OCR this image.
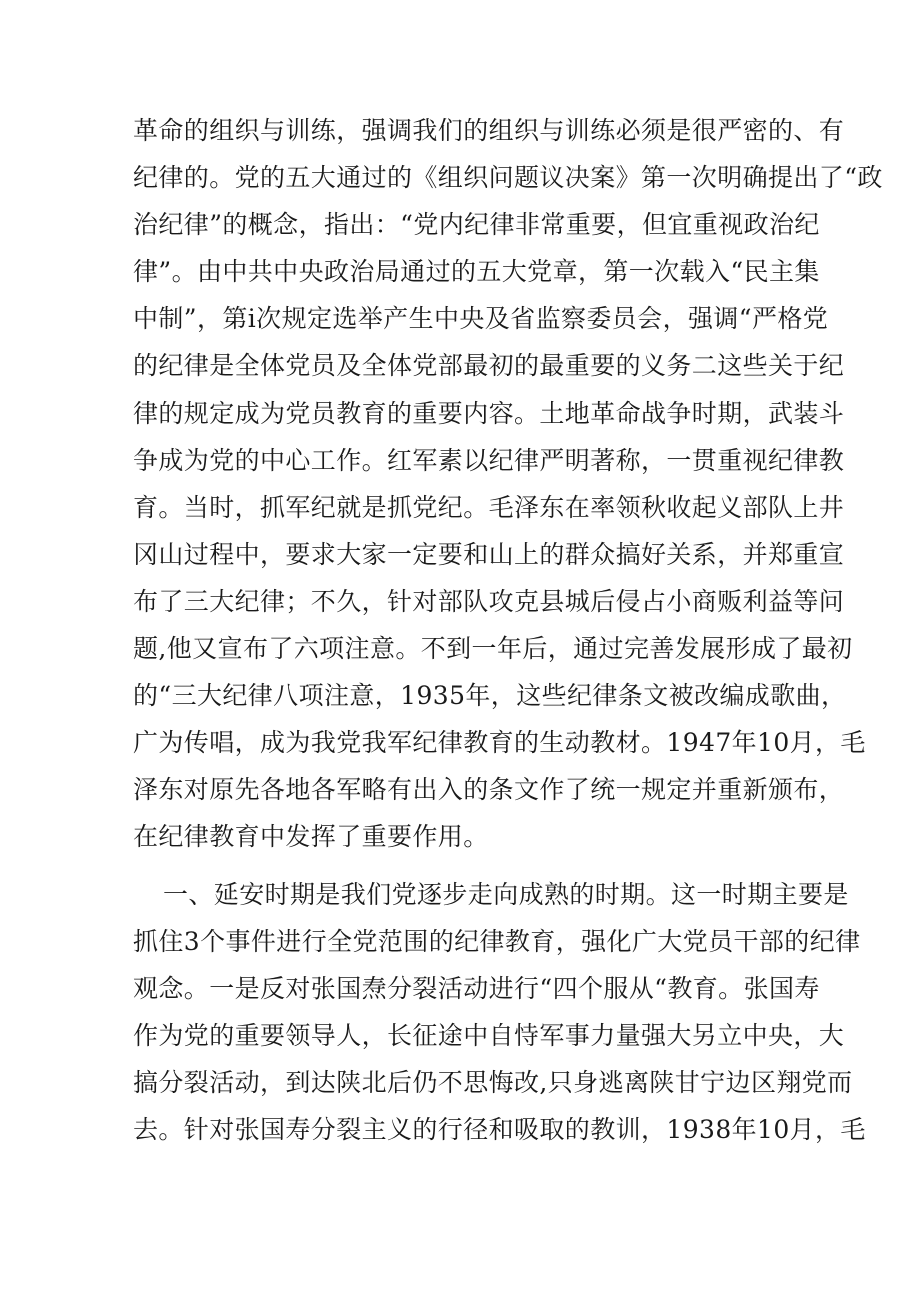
革命的组织与训练，强调我们的组织与训练必须是很严密的、有
纪律的。党的五大通过的《组织问题议决案》第一次明确提出了“政
治纪律”的概念，指出：“党内纪律非常重要，但宜重视政治纪
律”。由中共中央政治局通过的五大党章，第一次载入“民主集
中制”，第i次规定选举产生中央及省监察委员会，强调“严格党
的纪律是全体党员及全体党部最初的最重要的义务二这些关于纪
律的规定成为党员教育的重要内容。土地革命战争时期，武装斗
争成为党的中心工作。红军素以纪律严明著称，一贯重视纪律教
育。当时，抓军纪就是抓党纪。毛泽东在率领秋收起义部队上井
冈山过程中，要求大家一定要和山上的群众搞好关系，并郑重宣
布了三大纪律；不久，针对部队攻克县城后侵占小商贩利益等问
题,他又宣布了六项注意。不到一年后，通过完善发展形成了最初
的“三大纪律八项注意，1935年，这些纪律条文被改编成歌曲，
广为传唱，成为我党我军纪律教育的生动教材。1947年10月，毛
泽东对原先各地各军略有出入的条文作了统一规定并重新颁布，
在纪律教育中发挥了重要作用。
一、延安时期是我们党逐步走向成熟的时期。这一时期主要是
抓住3个事件进行全党范围的纪律教育，强化广大党员干部的纪律
观念。一是反对张国焘分裂活动进行“四个服从“教育。张国寿
作为党的重要领导人，长征途中自恃军事力量强大另立中央，大
搞分裂活动，到达陕北后仍不思悔改,只身逃离陕甘宁边区翔党而
去。针对张国寿分裂主义的行径和吸取的教训，1938年10月，毛
